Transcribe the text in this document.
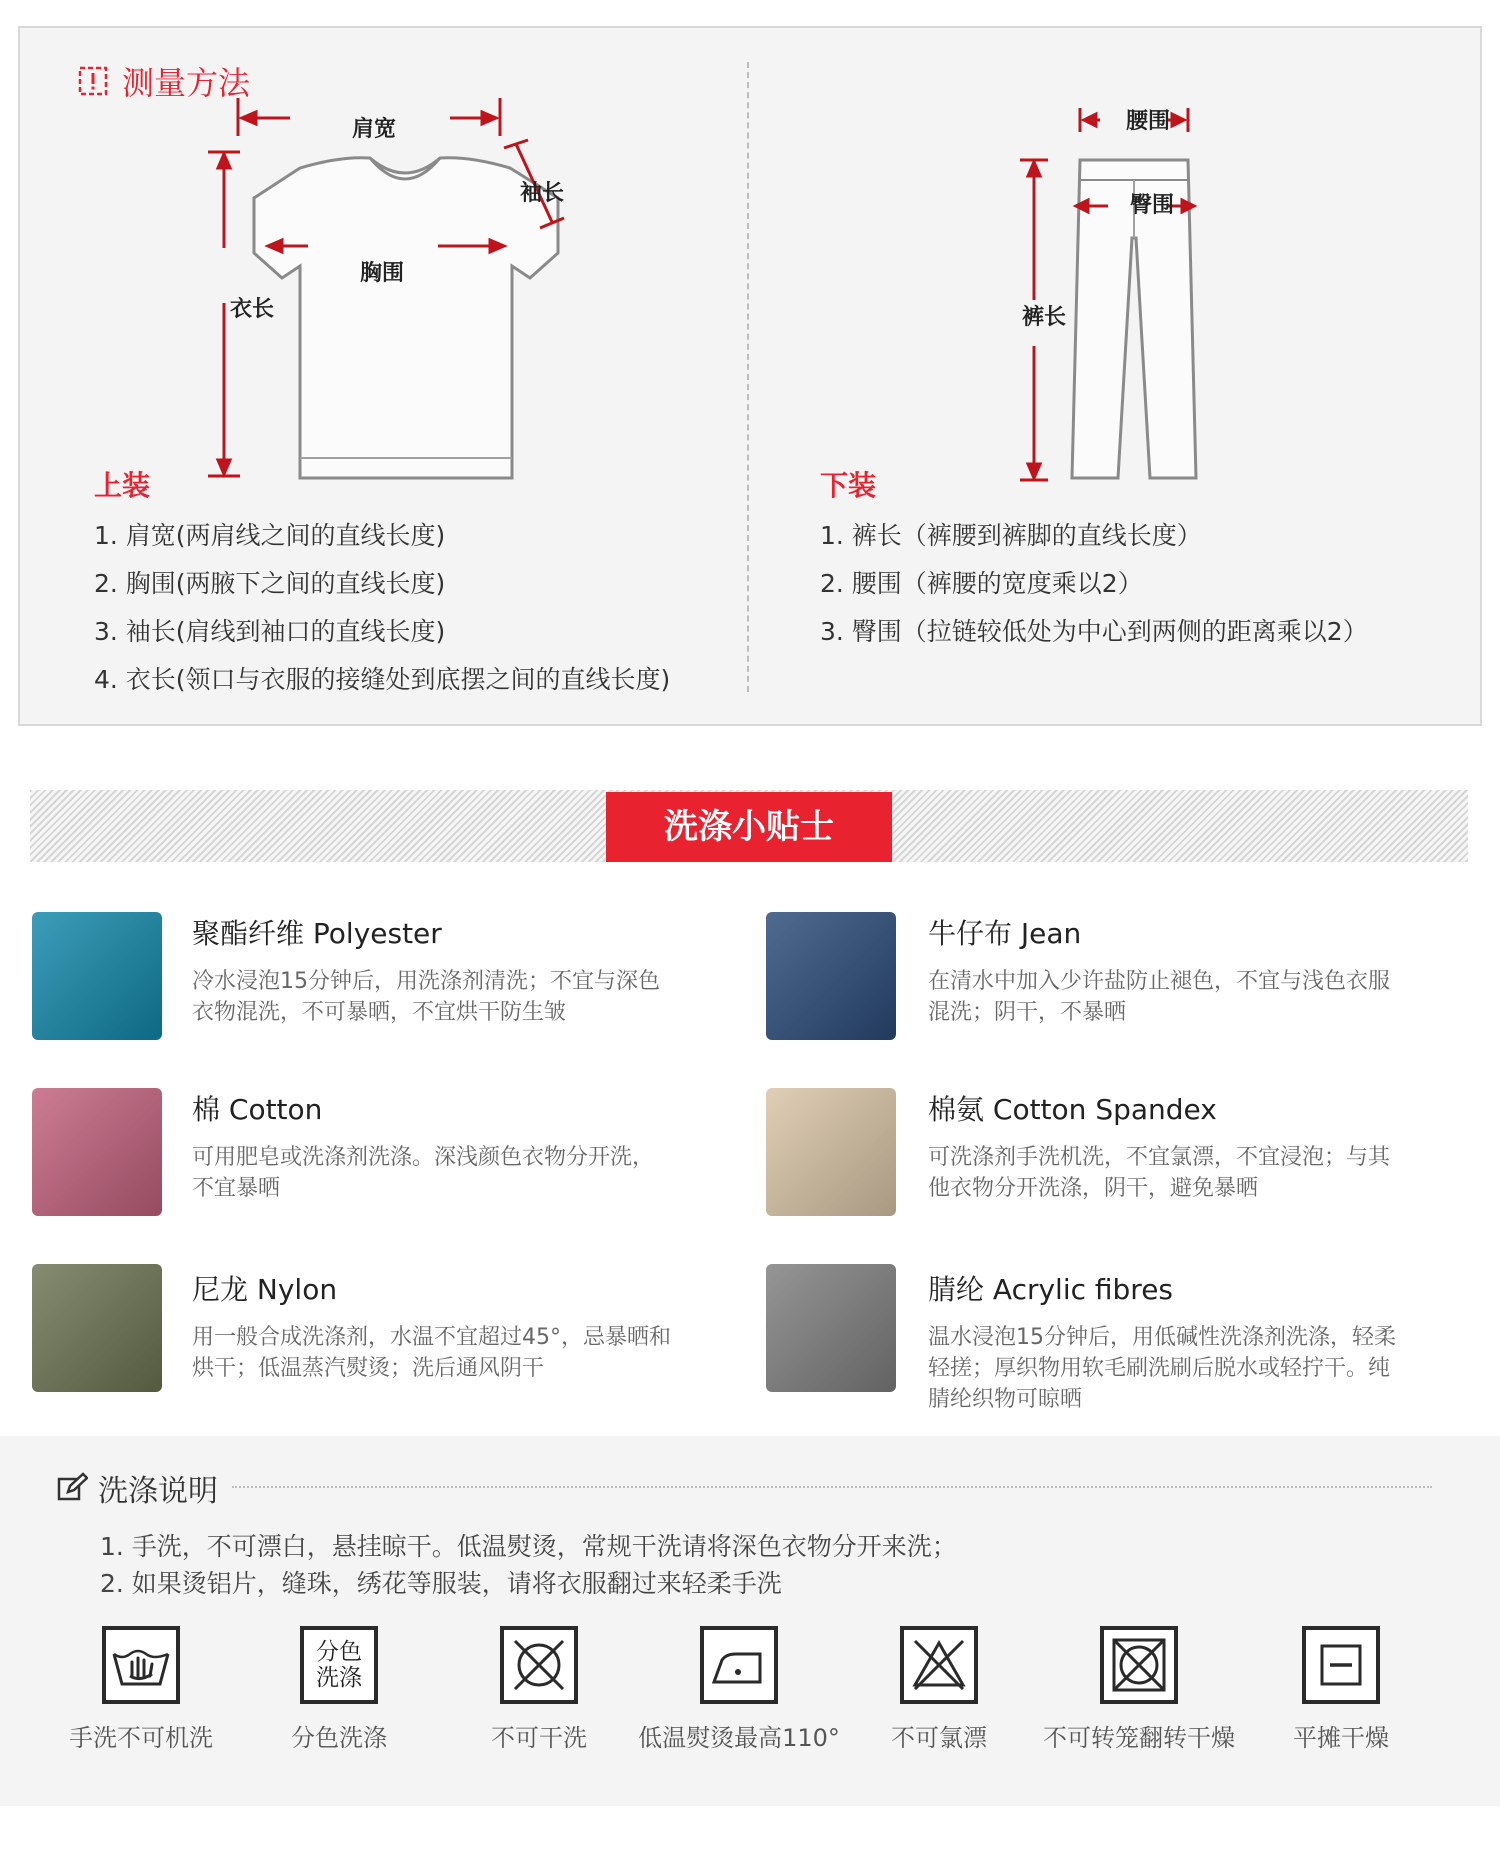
测量方法
肩宽
袖长
胸围
衣长
腰围
臀围
裤长
上装
1. 肩宽(两肩线之间的直线长度)
2. 胸围(两腋下之间的直线长度)
3. 袖长(肩线到袖口的直线长度)
4. 衣长(领口与衣服的接缝处到底摆之间的直线长度)
下装
1. 裤长（裤腰到裤脚的直线长度）
2. 腰围（裤腰的宽度乘以2）
3. 臀围（拉链较低处为中心到两侧的距离乘以2）
洗涤小贴士
聚酯纤维 Polyester
冷水浸泡15分钟后，用洗涤剂清洗；不宜与深色
衣物混洗，不可暴晒，不宜烘干防生皱
牛仔布 Jean
在清水中加入少许盐防止褪色，不宜与浅色衣服
混洗；阴干，不暴晒
棉 Cotton
可用肥皂或洗涤剂洗涤。深浅颜色衣物分开洗，
不宜暴晒
棉氨 Cotton Spandex
可洗涤剂手洗机洗，不宜氯漂，不宜浸泡；与其
他衣物分开洗涤，阴干，避免暴晒
尼龙 Nylon
用一般合成洗涤剂，水温不宜超过45°，忌暴晒和
烘干；低温蒸汽熨烫；洗后通风阴干
腈纶 Acrylic fibres
温水浸泡15分钟后，用低碱性洗涤剂洗涤，轻柔
轻搓；厚织物用软毛刷洗刷后脱水或轻拧干。纯
腈纶织物可晾晒
洗涤说明
1. 手洗，不可漂白，悬挂晾干。低温熨烫，常规干洗请将深色衣物分开来洗；
2. 如果烫铝片，缝珠，绣花等服装，请将衣服翻过来轻柔手洗
手洗不可机洗
分色
洗涤
分色洗涤	不可干洗	低温熨烫最高110°	不可氯漂	不可转笼翻转干燥	平摊干燥
